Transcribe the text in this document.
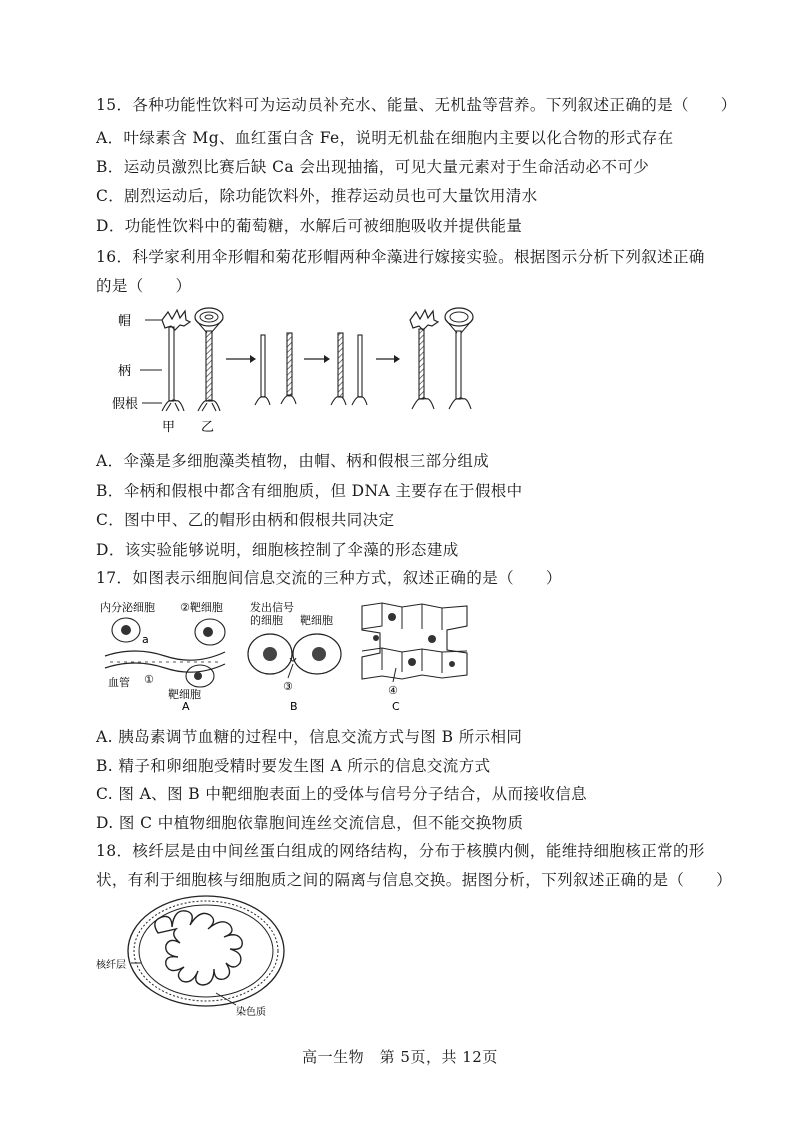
15．各种功能性饮料可为运动员补充水、能量、无机盐等营养。下列叙述正确的是（　　）
A．叶绿素含 Mg、血红蛋白含 Fe，说明无机盐在细胞内主要以化合物的形式存在
B．运动员激烈比赛后缺 Ca 会出现抽搐，可见大量元素对于生命活动必不可少
C．剧烈运动后，除功能饮料外，推荐运动员也可大量饮用清水
D．功能性饮料中的葡萄糖，水解后可被细胞吸收并提供能量
16．科学家利用伞形帽和菊花形帽两种伞藻进行嫁接实验。根据图示分析下列叙述正确
的是（　　）
帽
柄
假根
甲 乙
A．伞藻是多细胞藻类植物，由帽、柄和假根三部分组成
B．伞柄和假根中都含有细胞质，但 DNA 主要存在于假根中
C．图中甲、乙的帽形由柄和假根共同决定
D．该实验能够说明，细胞核控制了伞藻的形态建成
17．如图表示细胞间信息交流的三种方式，叙述正确的是（　　）
内分泌细胞 ②靶细胞
a
血管 ①
靶细胞
A
发出信号
的细胞 靶细胞
③
B
④
C
A. 胰岛素调节血糖的过程中，信息交流方式与图 B 所示相同
B. 精子和卵细胞受精时要发生图 A 所示的信息交流方式
C. 图 A、图 B 中靶细胞表面上的受体与信号分子结合，从而接收信息
D. 图 C 中植物细胞依靠胞间连丝交流信息，但不能交换物质
18．核纤层是由中间丝蛋白组成的网络结构，分布于核膜内侧，能维持细胞核正常的形
状，有利于细胞核与细胞质之间的隔离与信息交换。据图分析，下列叙述正确的是（　　）
核纤层
染色质
高一生物　第 5页，共 12页
